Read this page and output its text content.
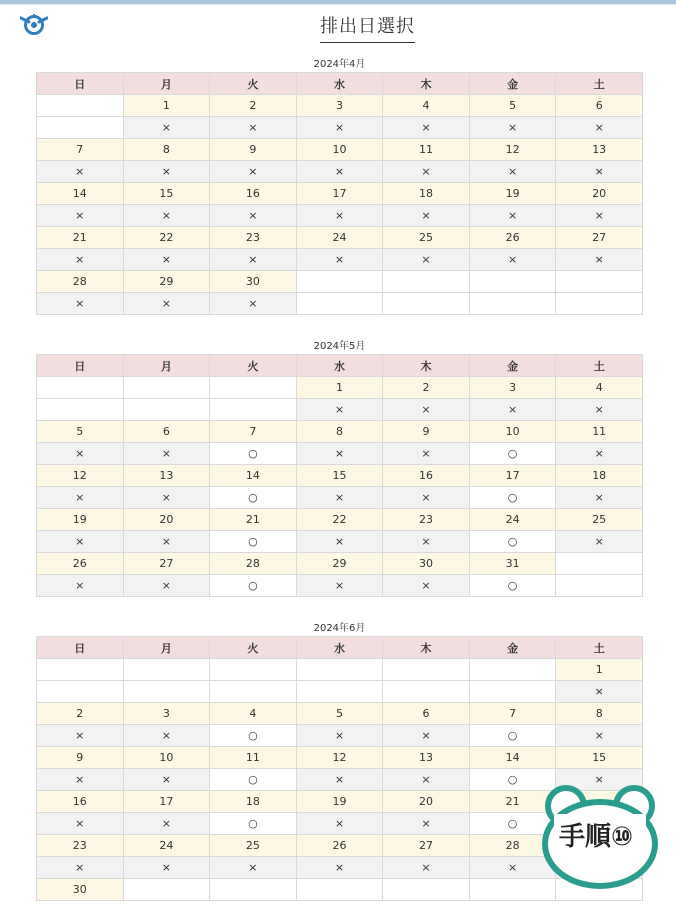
排出日選択
2024年4月
日	月	火	水	木	金	土
	1	2	3	4	5	6
	×	×	×	×	×	×
7	8	9	10	11	12	13
×	×	×	×	×	×	×
14	15	16	17	18	19	20
×	×	×	×	×	×	×
21	22	23	24	25	26	27
×	×	×	×	×	×	×
28	29	30				
×	×	×				
2024年5月
日	月	火	水	木	金	土
			1	2	3	4
			×	×	×	×
5	6	7	8	9	10	11
×	×	○	×	×	○	×
12	13	14	15	16	17	18
×	×	○	×	×	○	×
19	20	21	22	23	24	25
×	×	○	×	×	○	×
26	27	28	29	30	31	
×	×	○	×	×	○	
2024年6月
日	月	火	水	木	金	土
						1
						×
2	3	4	5	6	7	8
×	×	○	×	×	○	×
9	10	11	12	13	14	15
×	×	○	×	×	○	×
16	17	18	19	20	21	
×	×	○	×	×	○	
23	24	25	26	27	28	
×	×	×	×	×	×	
30						
手順⑩
